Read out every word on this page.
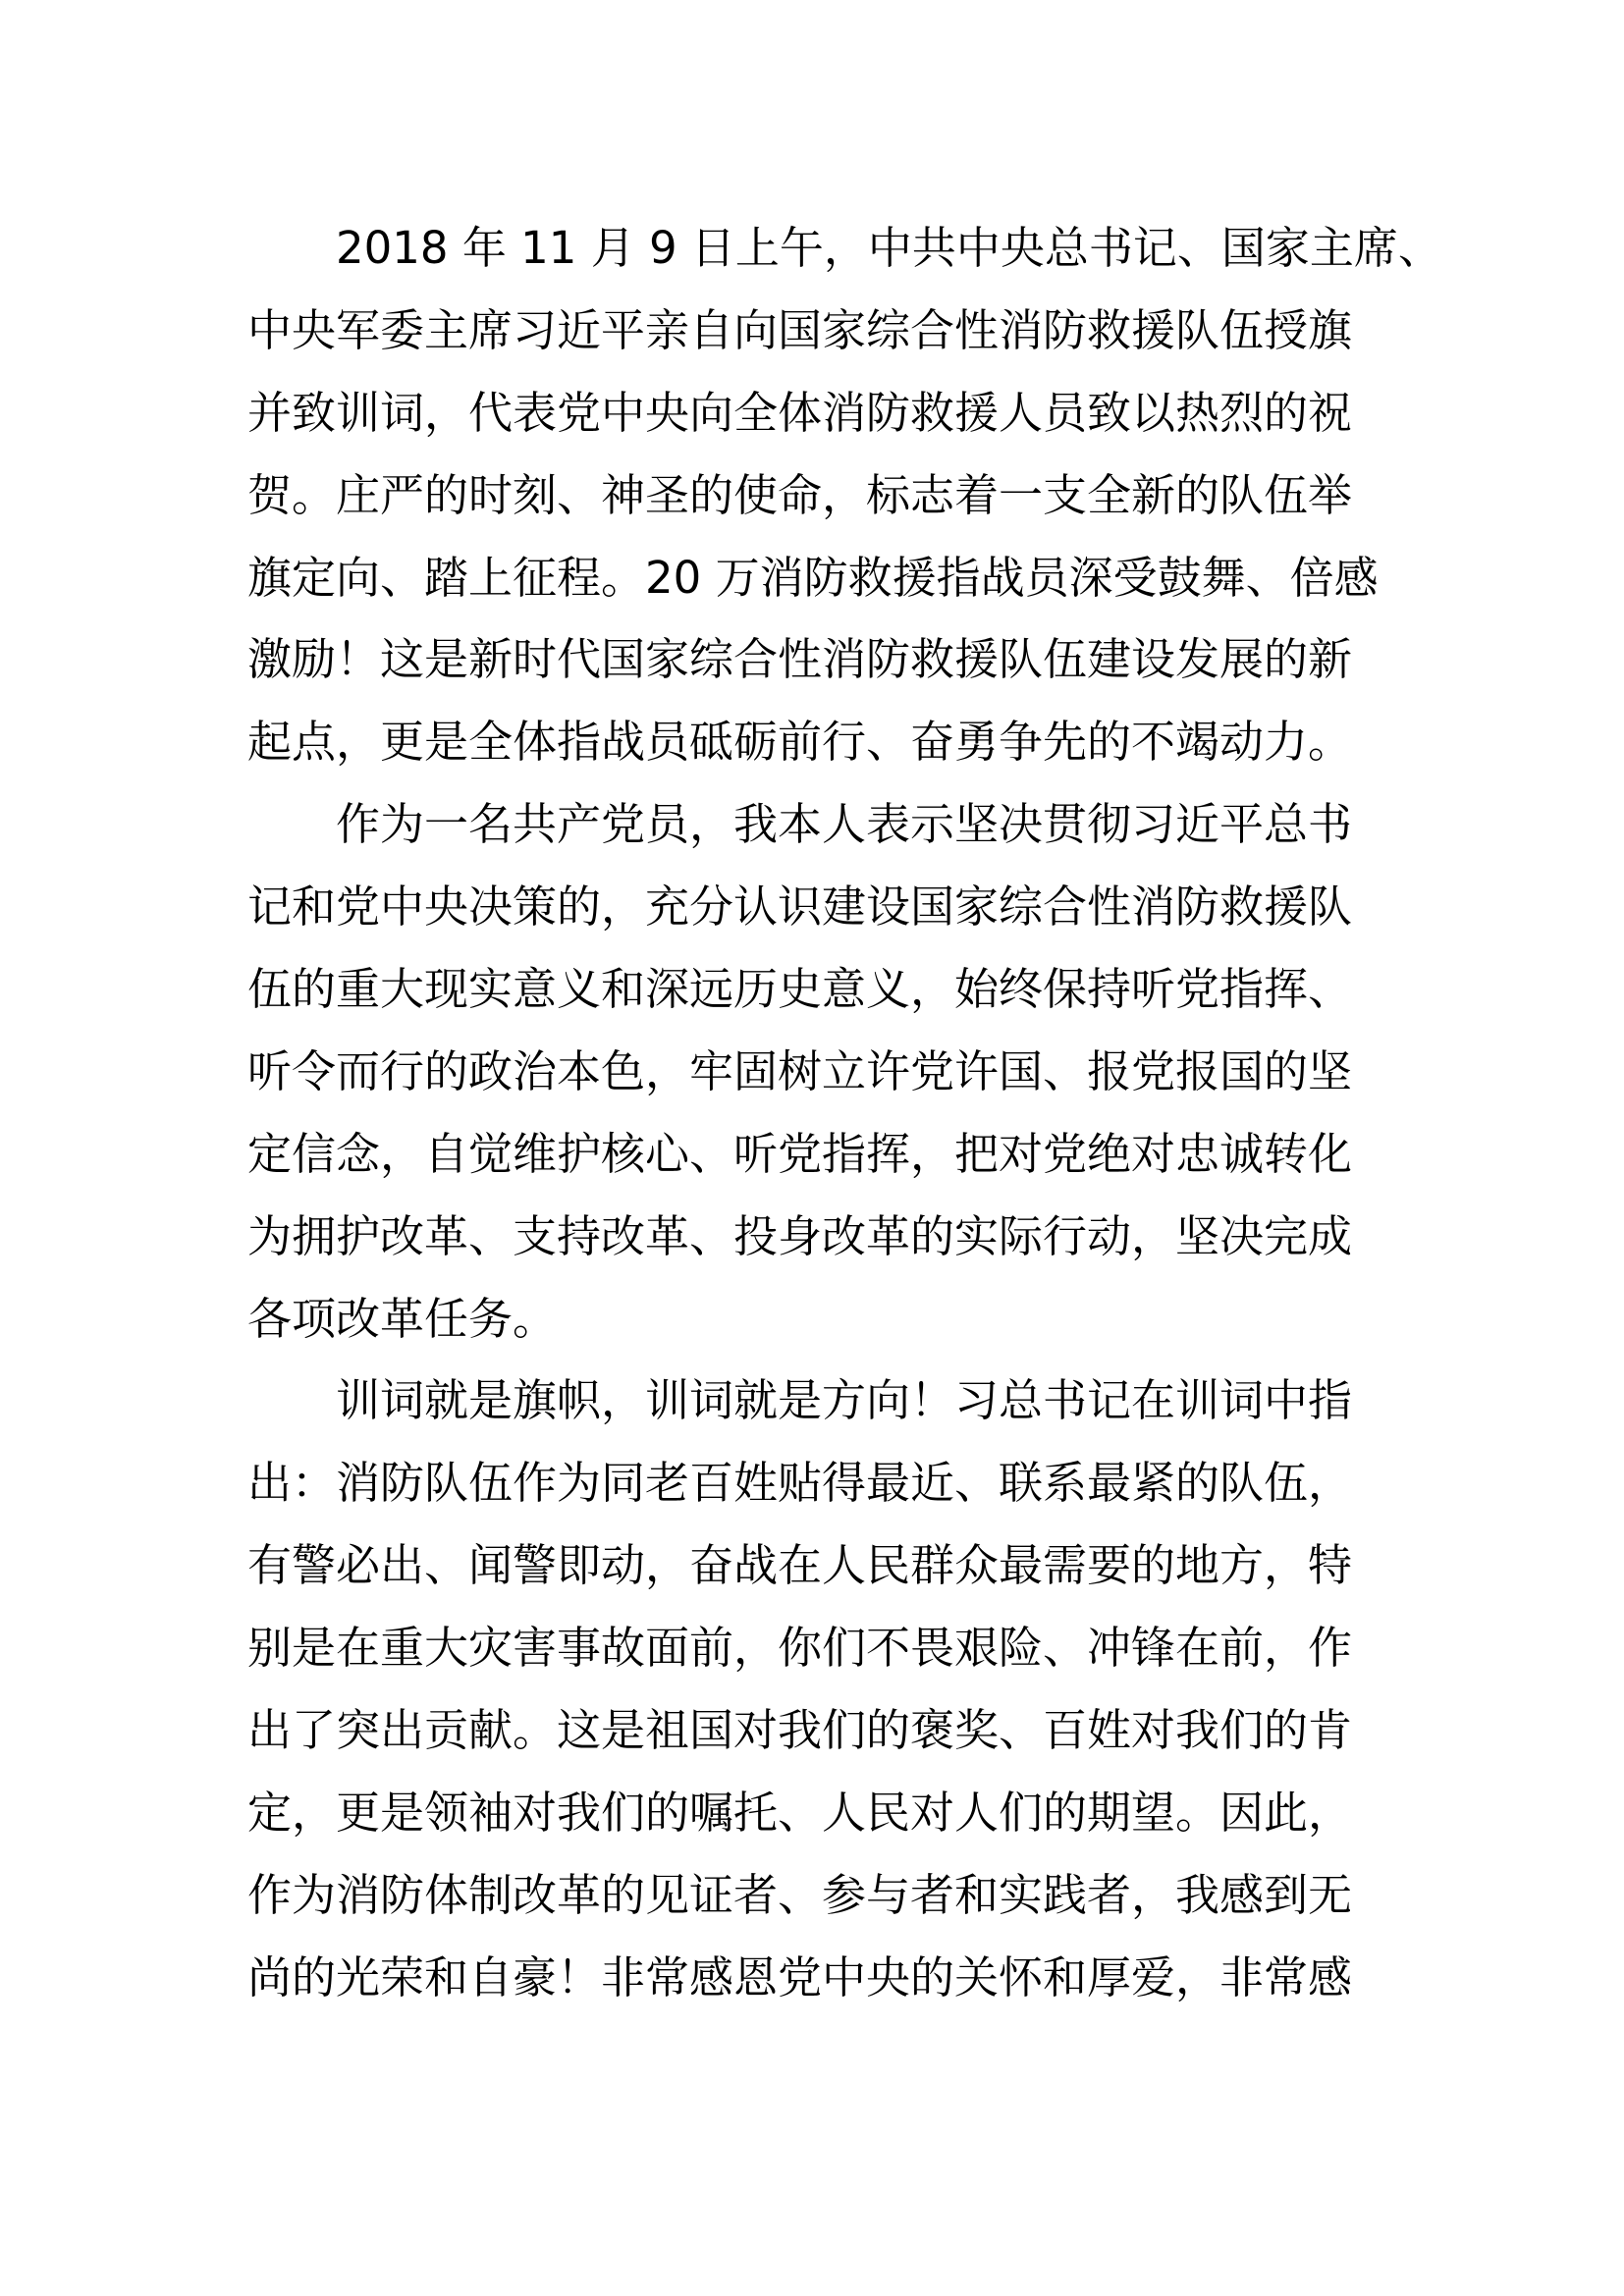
2018 年 11 月 9 日上午，中共中央总书记、国家主席、
中央军委主席习近平亲自向国家综合性消防救援队伍授旗
并致训词，代表党中央向全体消防救援人员致以热烈的祝
贺。庄严的时刻、神圣的使命，标志着一支全新的队伍举
旗定向、踏上征程。20 万消防救援指战员深受鼓舞、倍感
激励！这是新时代国家综合性消防救援队伍建设发展的新
起点，更是全体指战员砥砺前行、奋勇争先的不竭动力。
作为一名共产党员，我本人表示坚决贯彻习近平总书
记和党中央决策的，充分认识建设国家综合性消防救援队
伍的重大现实意义和深远历史意义，始终保持听党指挥、
听令而行的政治本色，牢固树立许党许国、报党报国的坚
定信念，自觉维护核心、听党指挥，把对党绝对忠诚转化
为拥护改革、支持改革、投身改革的实际行动，坚决完成
各项改革任务。
训词就是旗帜，训词就是方向！习总书记在训词中指
出：消防队伍作为同老百姓贴得最近、联系最紧的队伍，
有警必出、闻警即动，奋战在人民群众最需要的地方，特
别是在重大灾害事故面前，你们不畏艰险、冲锋在前，作
出了突出贡献。这是祖国对我们的褒奖、百姓对我们的肯
定，更是领袖对我们的嘱托、人民对人们的期望。因此，
作为消防体制改革的见证者、参与者和实践者，我感到无
尚的光荣和自豪！非常感恩党中央的关怀和厚爱，非常感
